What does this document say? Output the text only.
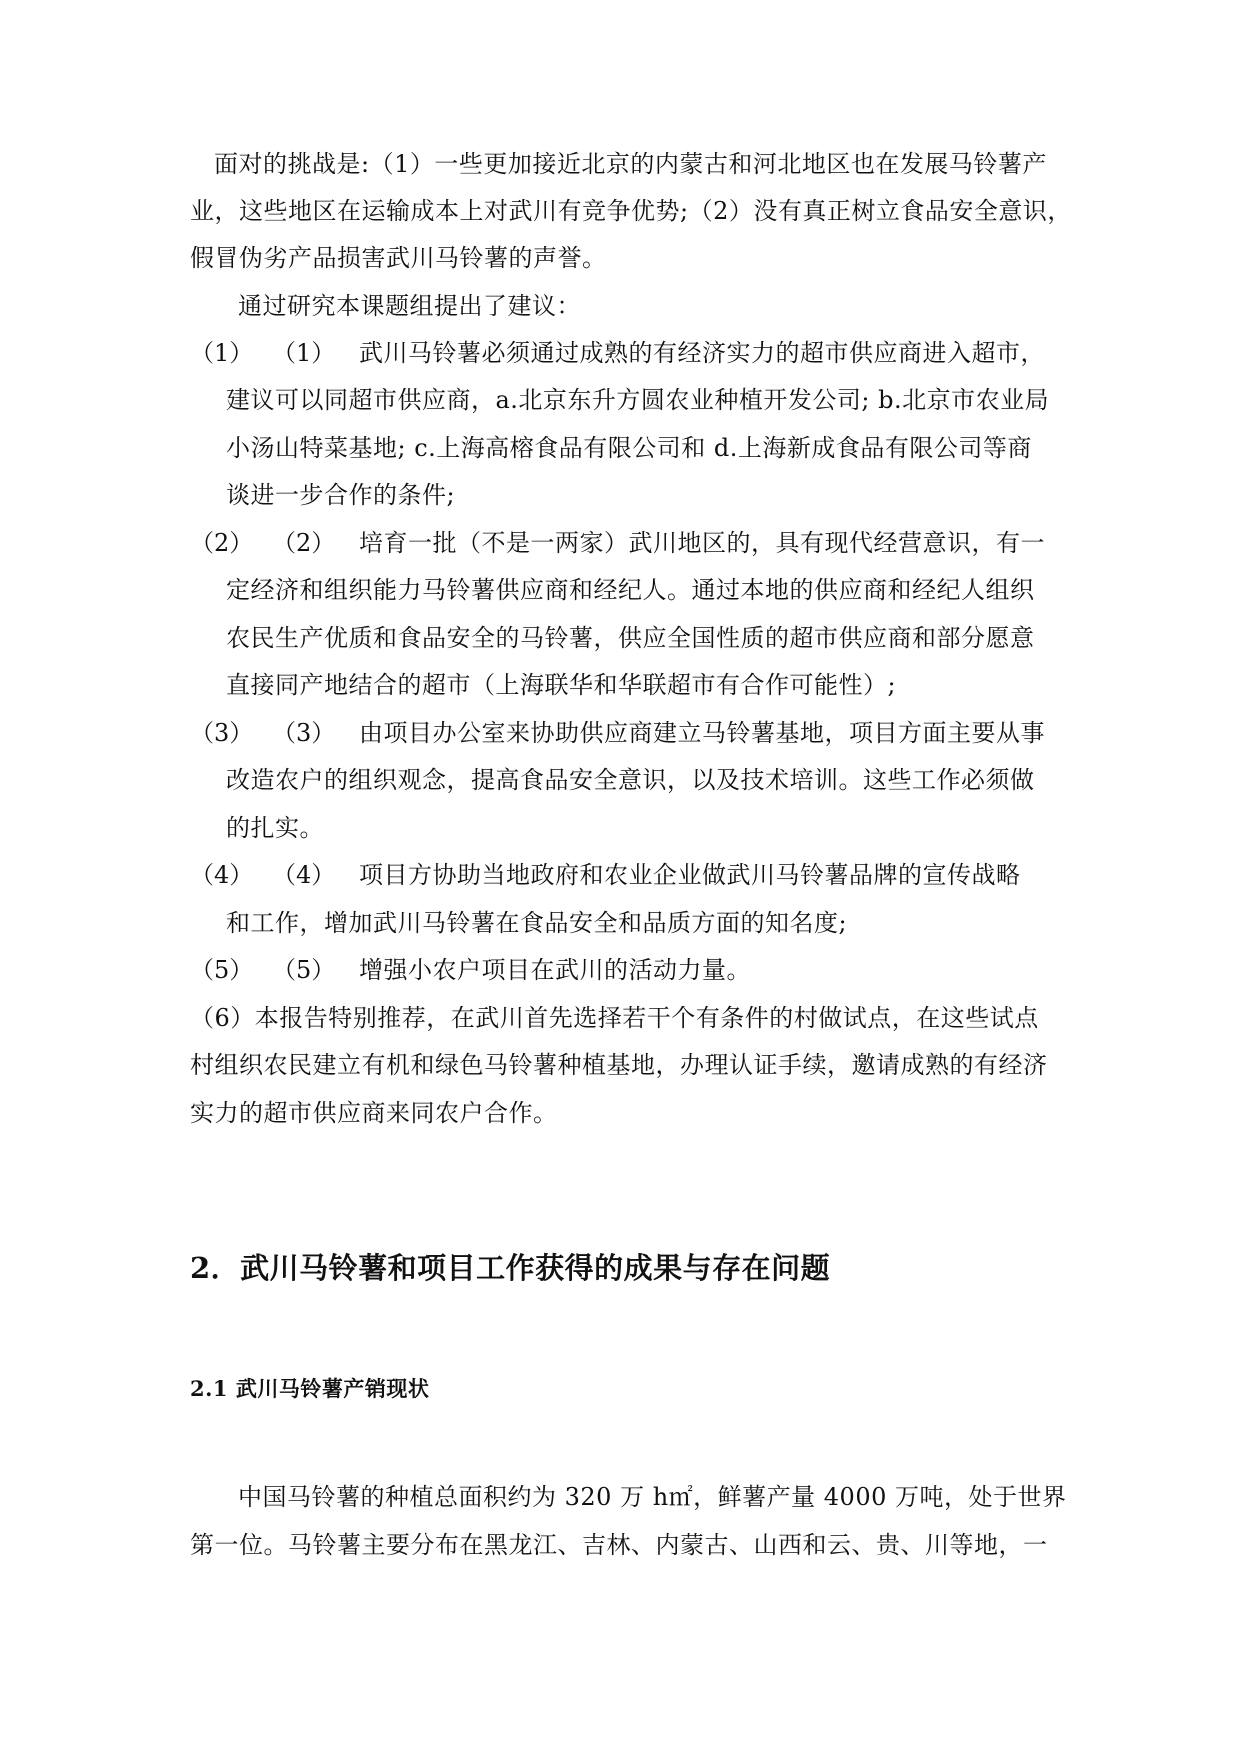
面对的挑战是:（1）一些更加接近北京的内蒙古和河北地区也在发展马铃薯产
业，这些地区在运输成本上对武川有竞争优势;（2）没有真正树立食品安全意识，
假冒伪劣产品损害武川马铃薯的声誉。
通过研究本课题组提出了建议：
（1） （1） 武川马铃薯必须通过成熟的有经济实力的超市供应商进入超市，
建议可以同超市供应商，a.北京东升方圆农业种植开发公司; b.北京市农业局
小汤山特菜基地; c.上海高榕食品有限公司和 d.上海新成食品有限公司等商
谈进一步合作的条件;
（2） （2） 培育一批（不是一两家）武川地区的，具有现代经营意识，有一
定经济和组织能力马铃薯供应商和经纪人。通过本地的供应商和经纪人组织
农民生产优质和食品安全的马铃薯，供应全国性质的超市供应商和部分愿意
直接同产地结合的超市（上海联华和华联超市有合作可能性）;
（3） （3） 由项目办公室来协助供应商建立马铃薯基地，项目方面主要从事
改造农户的组织观念，提高食品安全意识，以及技术培训。这些工作必须做
的扎实。
（4） （4） 项目方协助当地政府和农业企业做武川马铃薯品牌的宣传战略
和工作，增加武川马铃薯在食品安全和品质方面的知名度;
（5） （5） 增强小农户项目在武川的活动力量。
（6）本报告特别推荐，在武川首先选择若干个有条件的村做试点，在这些试点
村组织农民建立有机和绿色马铃薯种植基地，办理认证手续，邀请成熟的有经济
实力的超市供应商来同农户合作。
2．武川马铃薯和项目工作获得的成果与存在问题
2.1 武川马铃薯产销现状
中国马铃薯的种植总面积约为 320 万 h㎡，鲜薯产量 4000 万吨，处于世界
第一位。马铃薯主要分布在黑龙江、吉林、内蒙古、山西和云、贵、川等地，一
